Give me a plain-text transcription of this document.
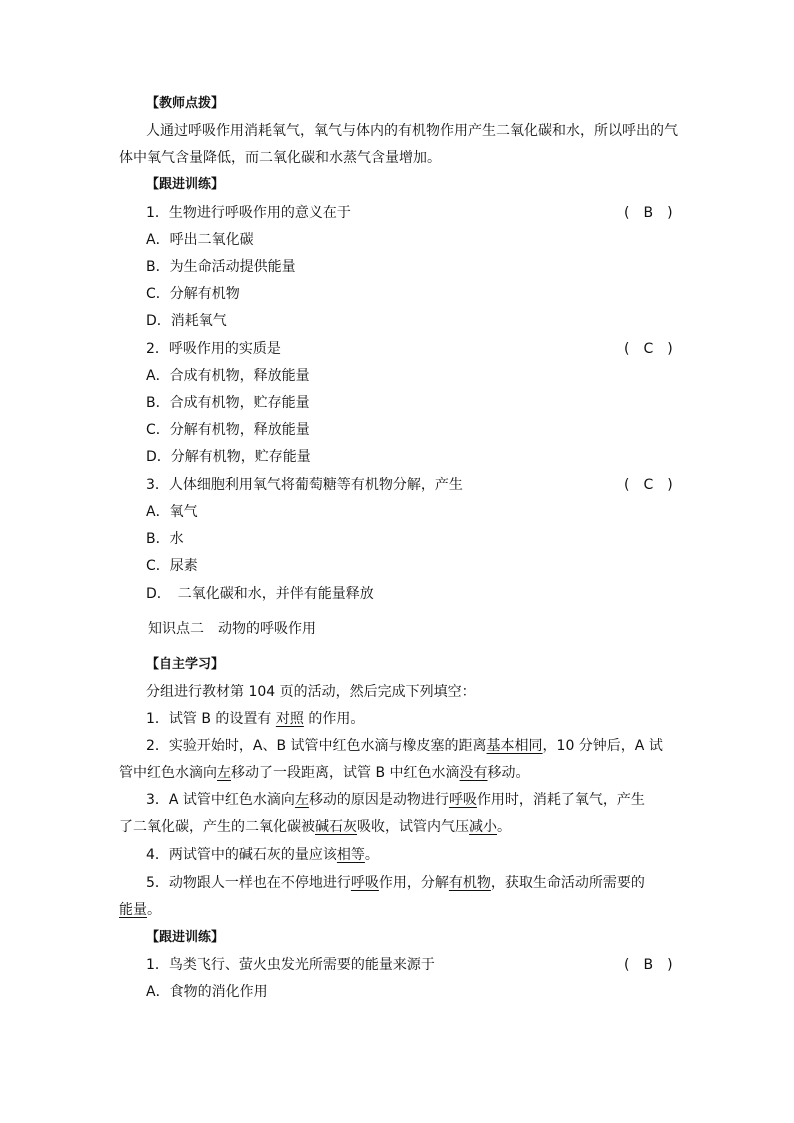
【教师点拨】
人通过呼吸作用消耗氧气，氧气与体内的有机物作用产生二氧化碳和水，所以呼出的气
体中氧气含量降低，而二氧化碳和水蒸气含量增加。
【跟进训练】
1．生物进行呼吸作用的意义在于	(　B　)
A．呼出二氧化碳
B．为生命活动提供能量
C．分解有机物
D．消耗氧气
2．呼吸作用的实质是	(　C　)
A．合成有机物，释放能量
B．合成有机物，贮存能量
C．分解有机物，释放能量
D．分解有机物，贮存能量
3．人体细胞利用氧气将葡萄糖等有机物分解，产生	(　C　)
A．氧气
B．水
C．尿素
D．　二氧化碳和水，并伴有能量释放
知识点二　动物的呼吸作用
【自主学习】
分组进行教材第 104 页的活动，然后完成下列填空：
1．试管 B 的设置有 对照 的作用。
2．实验开始时，A、B 试管中红色水滴与橡皮塞的距离基本相同，10 分钟后，A 试
管中红色水滴向左移动了一段距离，试管 B 中红色水滴没有移动。
3．A 试管中红色水滴向左移动的原因是动物进行呼吸作用时，消耗了氧气，产生
了二氧化碳，产生的二氧化碳被碱石灰吸收，试管内气压减小。
4．两试管中的碱石灰的量应该相等。
5．动物跟人一样也在不停地进行呼吸作用，分解有机物，获取生命活动所需要的
能量。
【跟进训练】
1．鸟类飞行、萤火虫发光所需要的能量来源于	(　B　)
A．食物的消化作用
